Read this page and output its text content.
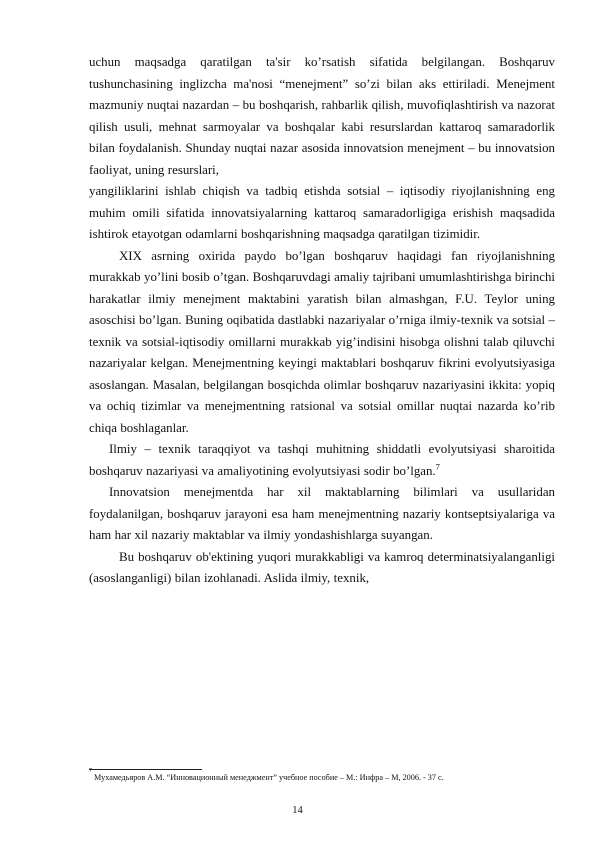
uchun maqsadga qaratilgan ta'sir ko’rsatish sifatida belgilangan. Boshqaruv tushunchasining inglizcha ma'nosi “menejment” so’zi bilan aks ettiriladi. Menejment mazmuniy nuqtai nazardan – bu boshqarish, rahbarlik qilish, muvofiqlashtirish va nazorat qilish usuli, mehnat sarmoyalar va boshqalar kabi resurslardan kattaroq samaradorlik bilan foydalanish. Shunday nuqtai nazar asosida innovatsion menejment – bu innovatsion faoliyat, uning resurslari,

yangiliklarini ishlab chiqish va tadbiq etishda sotsial – iqtisodiy riyojlanishning eng muhim omili sifatida innovatsiyalarning kattaroq samaradorligiga erishish maqsadida ishtirok etayotgan odamlarni boshqarishning maqsadga qaratilgan tizimidir.

XIX asrning oxirida paydo bo’lgan boshqaruv haqidagi fan riyojlanishning murakkab yo’lini bosib o’tgan. Boshqaruvdagi amaliy tajribani umumlashtirishga birinchi harakatlar ilmiy menejment maktabini yaratish bilan almashgan, F.U. Teylor uning asoschisi bo’lgan. Buning oqibatida dastlabki nazariyalar o’rniga ilmiy-texnik va sotsial –texnik va sotsial-iqtisodiy omillarni murakkab yig’indisini hisobga olishni talab qiluvchi nazariyalar kelgan. Menejmentning keyingi maktablari boshqaruv fikrini evolyutsiyasiga asoslangan. Masalan, belgilangan bosqichda olimlar boshqaruv nazariyasini ikkita: yopiq va ochiq tizimlar va menejmentning ratsional va sotsial omillar nuqtai nazarda ko’rib chiqa boshlaganlar.

Ilmiy – texnik taraqqiyot va tashqi muhitning shiddatli evolyutsiyasi sharoitida boshqaruv nazariyasi va amaliyotining evolyutsiyasi sodir bo’lgan.$^7$

Innovatsion menejmentda har xil maktablarning bilimlari va usullaridan foydalanilgan, boshqaruv jarayoni esa ham menejmentning nazariy kontseptsiyalariga va ham har xil nazariy maktablar va ilmiy yondashishlarga suyangan.

Bu boshqaruv ob'ektining yuqori murakkabligi va kamroq determinatsiyalanganligi (asoslanganligi) bilan izohlanadi. Aslida ilmiy, texnik,

$^7$ Мухамедьяров А.М. “Инновационный менеджмент” учебное пособие – М.: Инфра – М, 2006. - 37 с.
14
